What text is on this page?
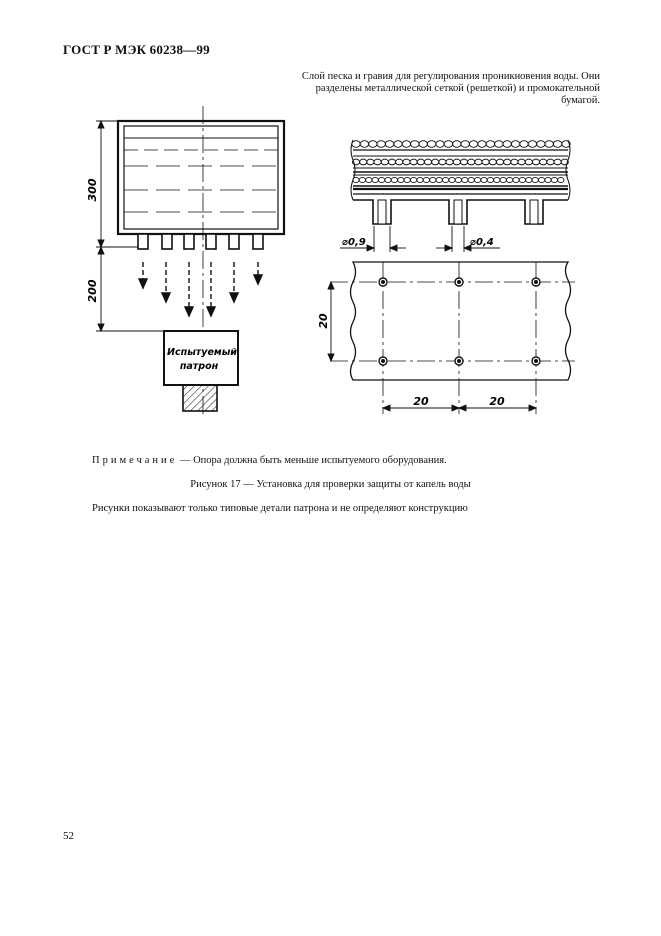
ГОСТ Р МЭК 60238—99
Слой песка и гравия для регулирования проникновения воды. Они разделены металлической сеткой (решеткой) и промокательной бумагой.
300
200
Испытуемый
патрон
⌀0,9	⌀0,4
20
20	20
Примечание — Опора должна быть меньше испытуемого оборудования.
Рисунок 17 — Установка для проверки защиты от капель воды
Рисунки показывают только типовые детали патрона и не определяют конструкцию
52
